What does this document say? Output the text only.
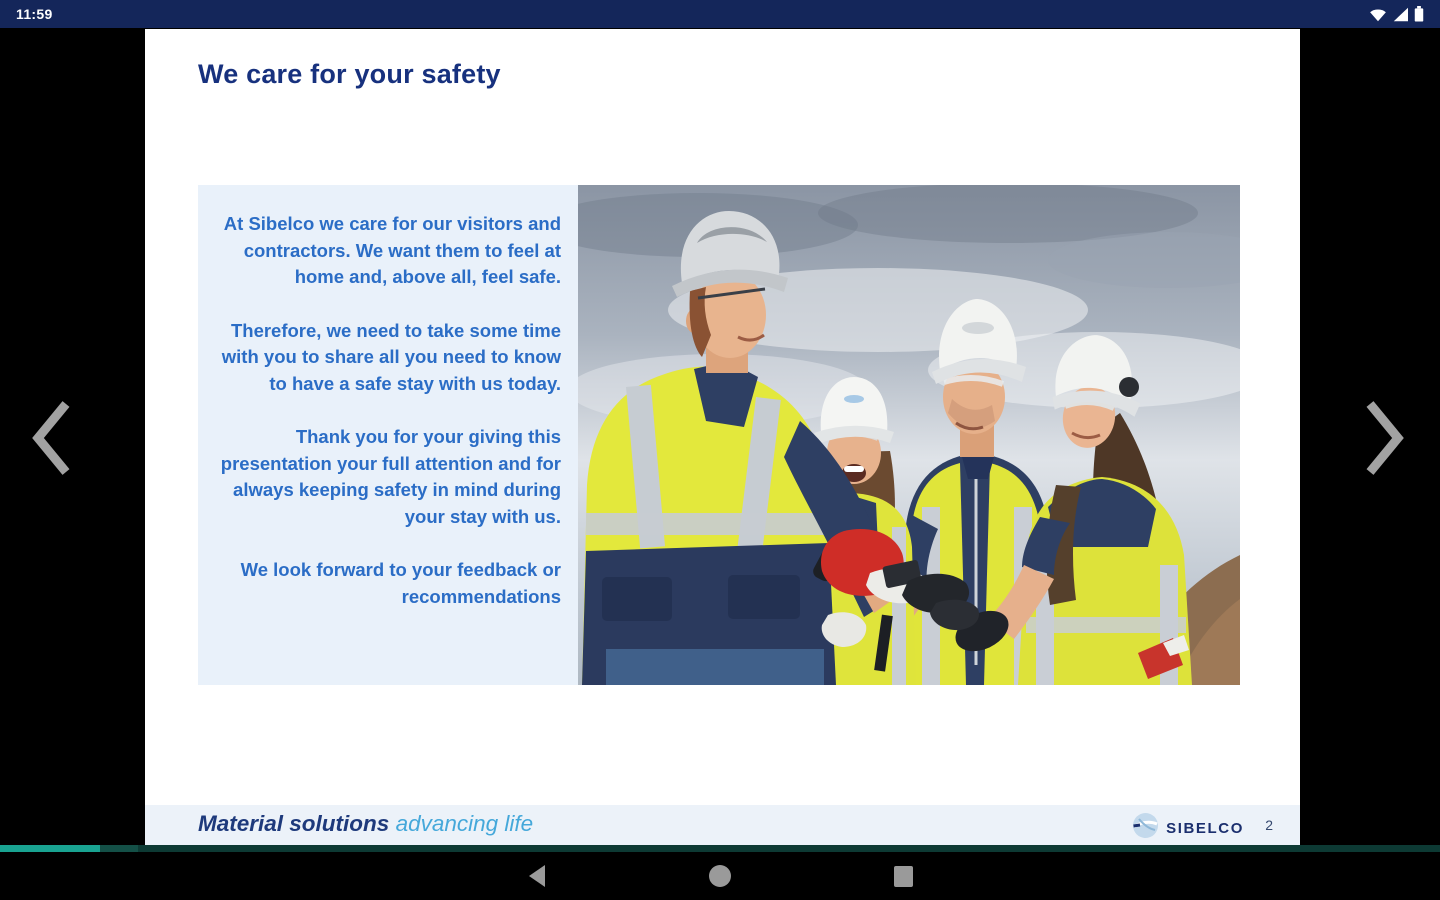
11:59
We care for your safety

At Sibelco we care for our visitors and contractors. We want them to feel at home and, above all, feel safe.

Therefore, we need to take some time with you to share all you need to know to have a safe stay with us today.

Thank you for your giving this presentation your full attention and for always keeping safety in mind during your stay with us.

We look forward to your feedback or recommendations

Material solutions advancing life	SIBELCO 2
